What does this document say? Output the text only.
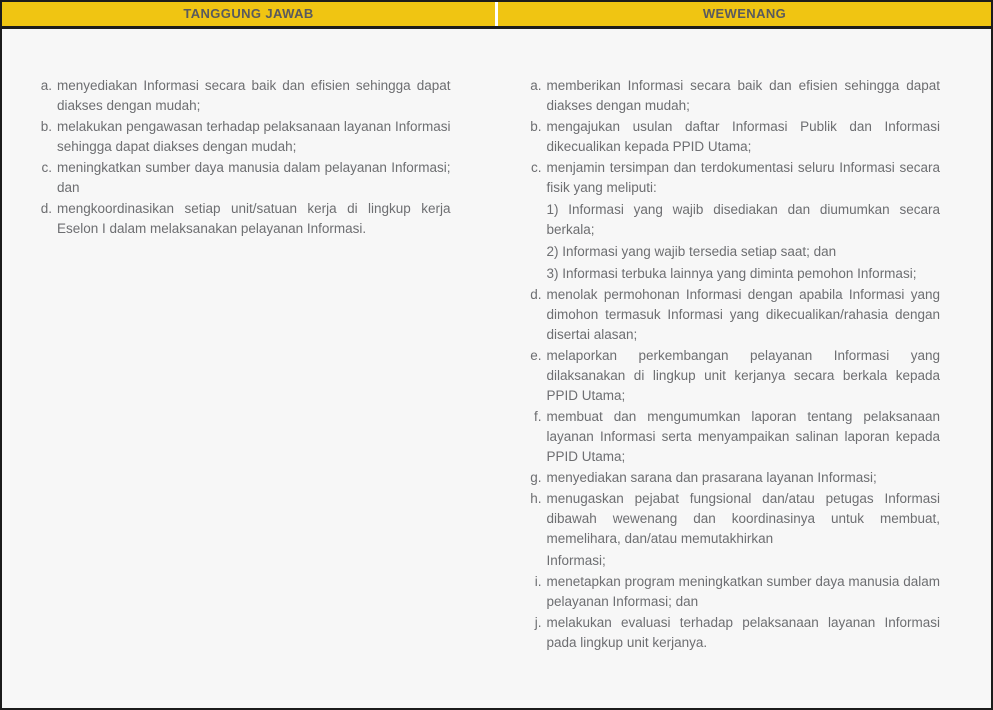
TANGGUNG JAWAB	WEWENANG
a. menyediakan Informasi secara baik dan efisien sehingga dapat diakses dengan mudah;

b. melakukan pengawasan terhadap pelaksanaan layanan Informasi sehingga dapat diakses dengan mudah;

c. meningkatkan sumber daya manusia dalam pelayanan Informasi; dan

d. mengkoordinasikan setiap unit/satuan kerja di lingkup kerja Eselon I dalam melaksanakan pelayanan Informasi.

a. memberikan Informasi secara baik dan efisien sehingga dapat diakses dengan mudah;

b. mengajukan usulan daftar Informasi Publik dan Informasi dikecualikan kepada PPID Utama;

c. menjamin tersimpan dan terdokumentasi seluru Informasi secara fisik yang meliputi:

1) Informasi yang wajib disediakan dan diumumkan secara berkala;

2) Informasi yang wajib tersedia setiap saat; dan

3) Informasi terbuka lainnya yang diminta pemohon Informasi;

d. menolak permohonan Informasi dengan apabila Informasi yang dimohon termasuk Informasi yang dikecualikan/rahasia dengan disertai alasan;

e. melaporkan perkembangan pelayanan Informasi yang dilaksanakan di lingkup unit kerjanya secara berkala kepada PPID Utama;

f. membuat dan mengumumkan laporan tentang pelaksanaan layanan Informasi serta menyampaikan salinan laporan kepada PPID Utama;

g. menyediakan sarana dan prasarana layanan Informasi;

h. menugaskan pejabat fungsional dan/atau petugas Informasi dibawah wewenang dan koordinasinya untuk membuat, memelihara, dan/atau memutakhirkan

Informasi;

i. menetapkan program meningkatkan sumber daya manusia dalam pelayanan Informasi; dan

j. melakukan evaluasi terhadap pelaksanaan layanan Informasi pada lingkup unit kerjanya.
